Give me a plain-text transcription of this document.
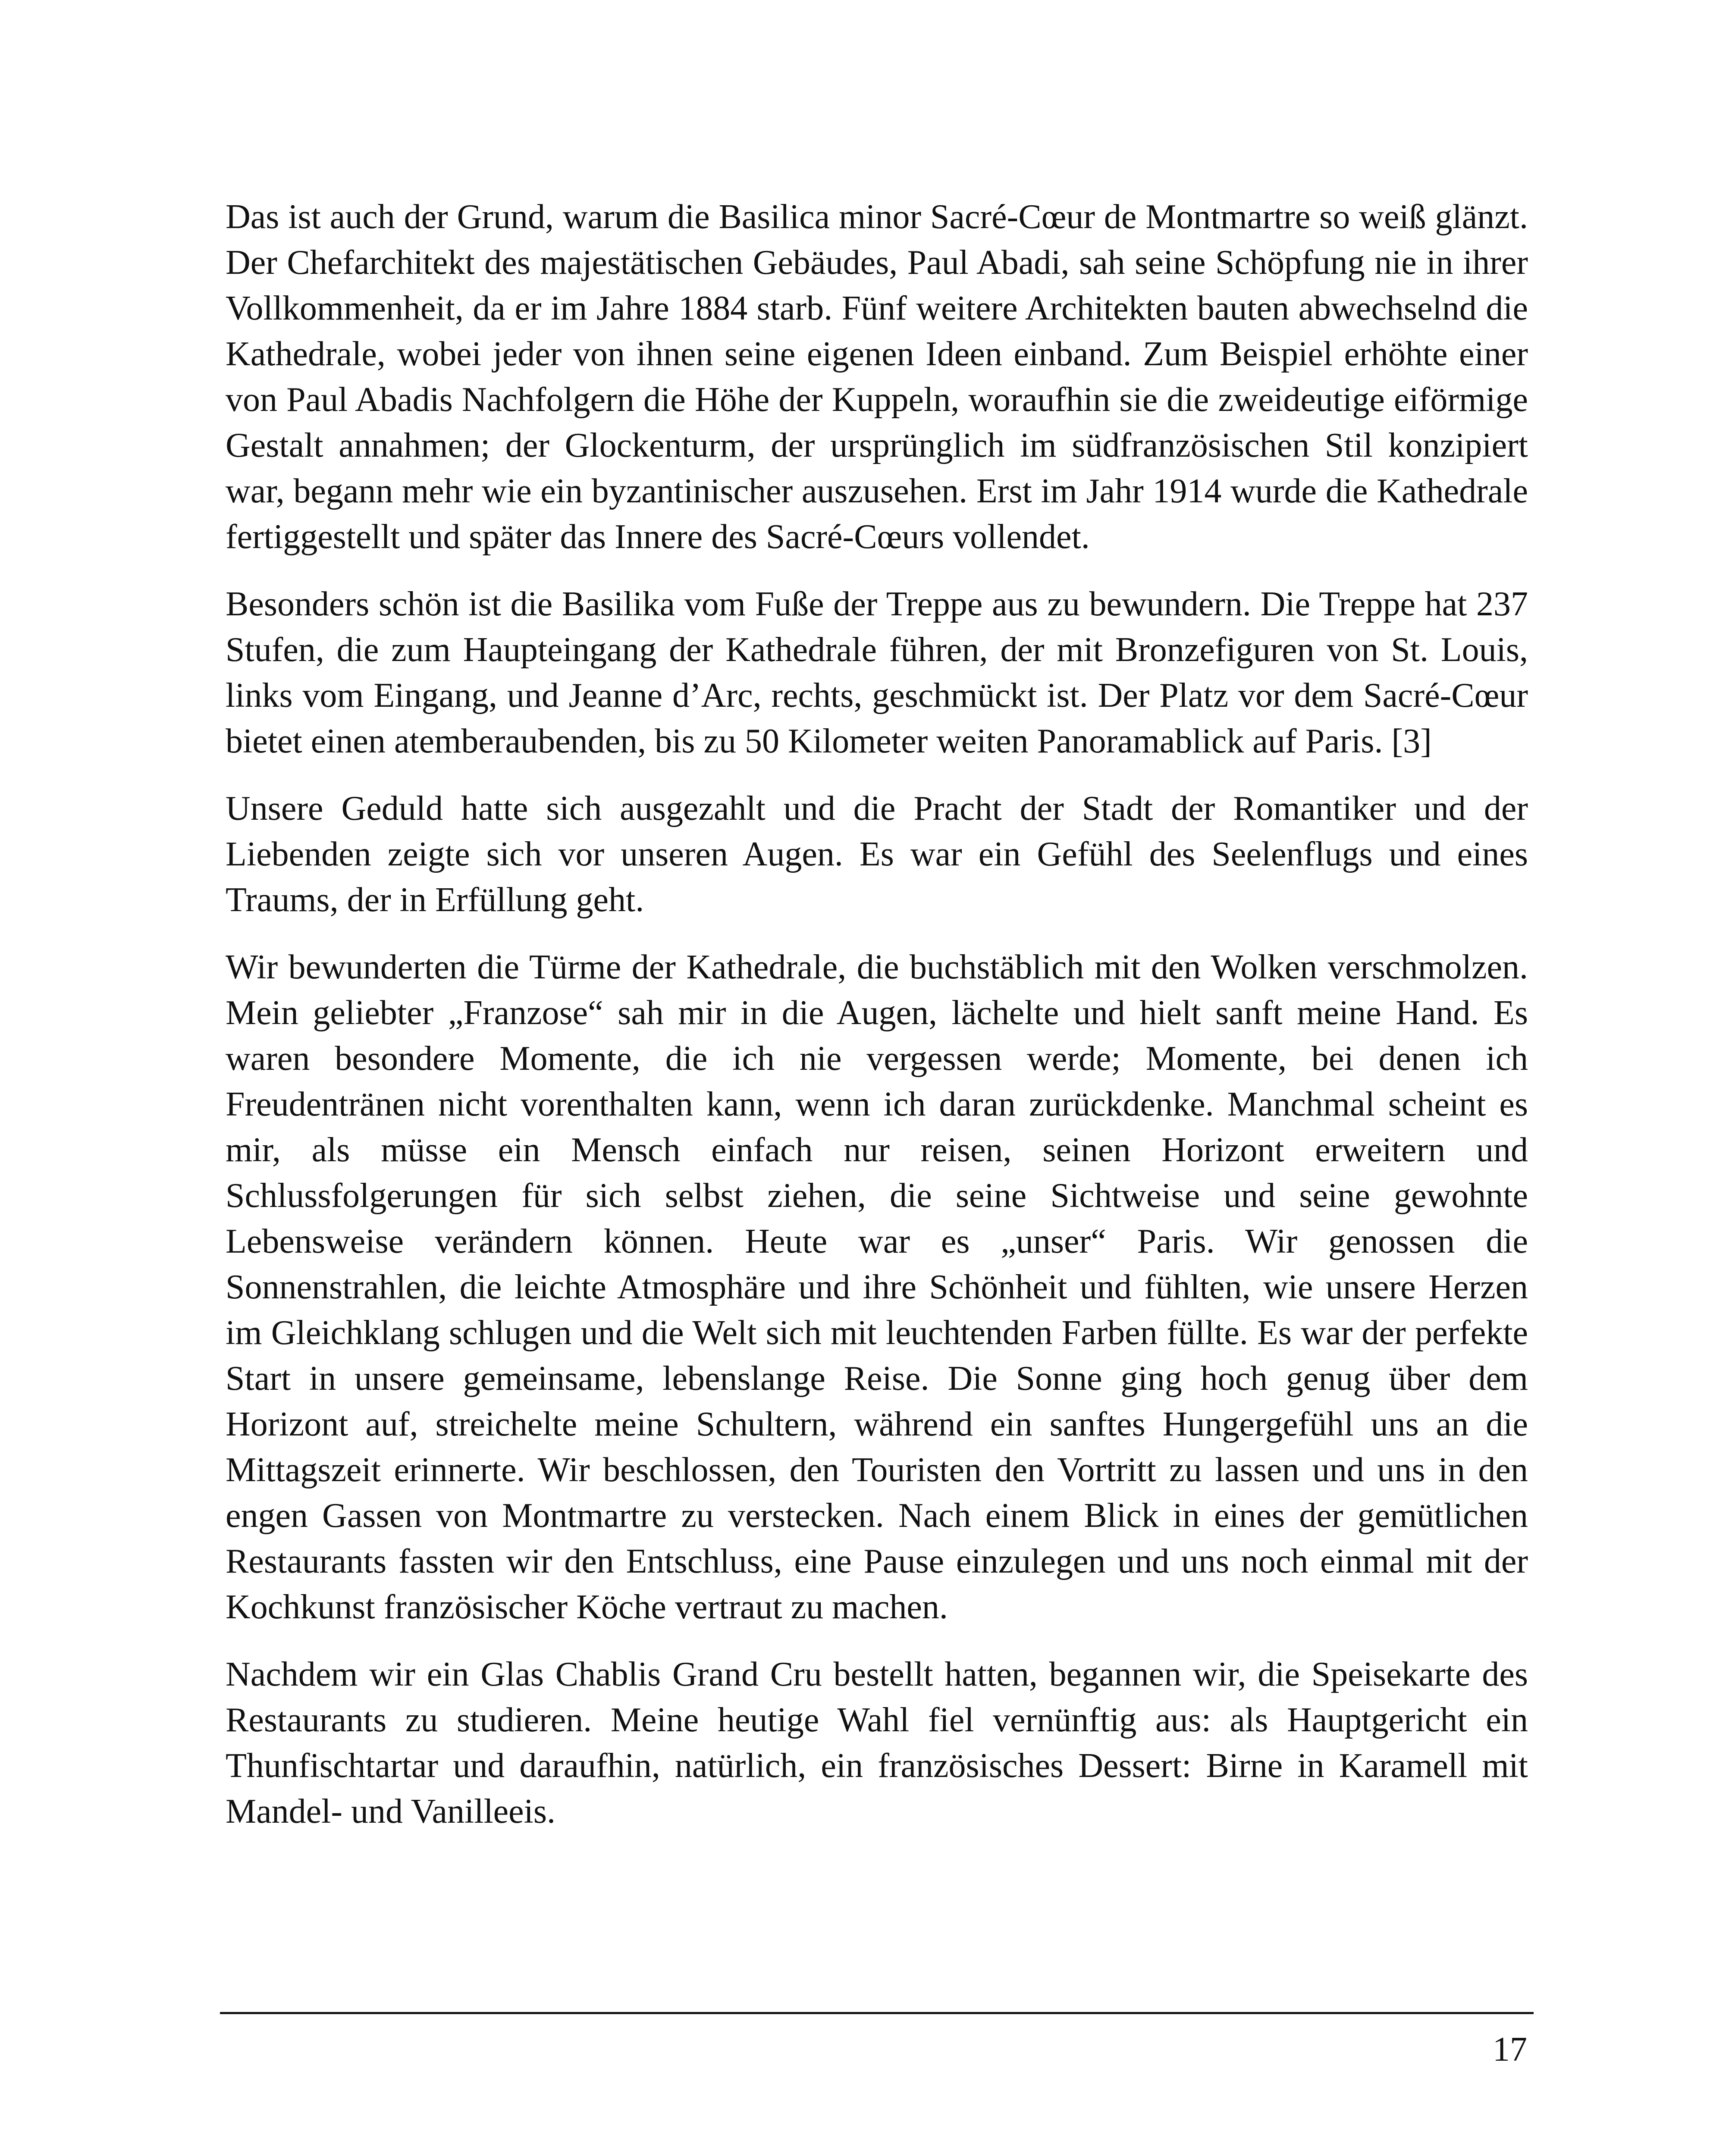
Das ist auch der Grund, warum die Basilica minor Sacré-Cœur de Montmartre so weiß glänzt. Der Chefarchitekt des majestätischen Gebäudes, Paul Abadi, sah seine Schöpfung nie in ihrer Vollkommenheit, da er im Jahre 1884 starb. Fünf weitere Architekten bauten abwechselnd die Kathedrale, wobei jeder von ihnen seine eigenen Ideen einband. Zum Beispiel erhöhte einer von Paul Abadis Nachfolgern die Höhe der Kuppeln, woraufhin sie die zweideutige eiförmige Gestalt annahmen; der Glockenturm, der ursprünglich im südfranzösischen Stil konzipiert war, begann mehr wie ein byzantinischer auszusehen. Erst im Jahr 1914 wurde die Kathedrale fertiggestellt und später das Innere des Sacré-Cœurs vollendet.

Besonders schön ist die Basilika vom Fuße der Treppe aus zu bewundern. Die Treppe hat 237 Stufen, die zum Haupteingang der Kathedrale führen, der mit Bronzefiguren von St. Louis, links vom Eingang, und Jeanne d’Arc, rechts, geschmückt ist. Der Platz vor dem Sacré-Cœur bietet einen atemberaubenden, bis zu 50 Kilometer weiten Panoramablick auf Paris. [3]

Unsere Geduld hatte sich ausgezahlt und die Pracht der Stadt der Romantiker und der Liebenden zeigte sich vor unseren Augen. Es war ein Gefühl des Seelenflugs und eines Traums, der in Erfüllung geht.

Wir bewunderten die Türme der Kathedrale, die buchstäblich mit den Wolken verschmolzen. Mein geliebter „Franzose“ sah mir in die Augen, lächelte und hielt sanft meine Hand. Es waren besondere Momente, die ich nie vergessen werde; Momente, bei denen ich Freudentränen nicht vorenthalten kann, wenn ich daran zurückdenke. Manchmal scheint es mir, als müsse ein Mensch einfach nur reisen, seinen Horizont erweitern und Schlussfolgerungen für sich selbst ziehen, die seine Sichtweise und seine gewohnte Lebensweise verändern können. Heute war es „unser“ Paris. Wir genossen die Sonnenstrahlen, die leichte Atmosphäre und ihre Schönheit und fühlten, wie unsere Herzen im Gleichklang schlugen und die Welt sich mit leuchtenden Farben füllte. Es war der perfekte Start in unsere gemeinsame, lebenslange Reise. Die Sonne ging hoch genug über dem Horizont auf, streichelte meine Schultern, während ein sanftes Hungergefühl uns an die Mittagszeit erinnerte. Wir beschlossen, den Touristen den Vortritt zu lassen und uns in den engen Gassen von Montmartre zu verstecken. Nach einem Blick in eines der gemütlichen Restaurants fassten wir den Entschluss, eine Pause einzulegen und uns noch einmal mit der Kochkunst französischer Köche vertraut zu machen.

Nachdem wir ein Glas Chablis Grand Cru bestellt hatten, begannen wir, die Speisekarte des Restaurants zu studieren. Meine heutige Wahl fiel vernünftig aus: als Hauptgericht ein Thunfischtartar und daraufhin, natürlich, ein französisches Dessert: Birne in Karamell mit Mandel- und Vanilleeis.

17
